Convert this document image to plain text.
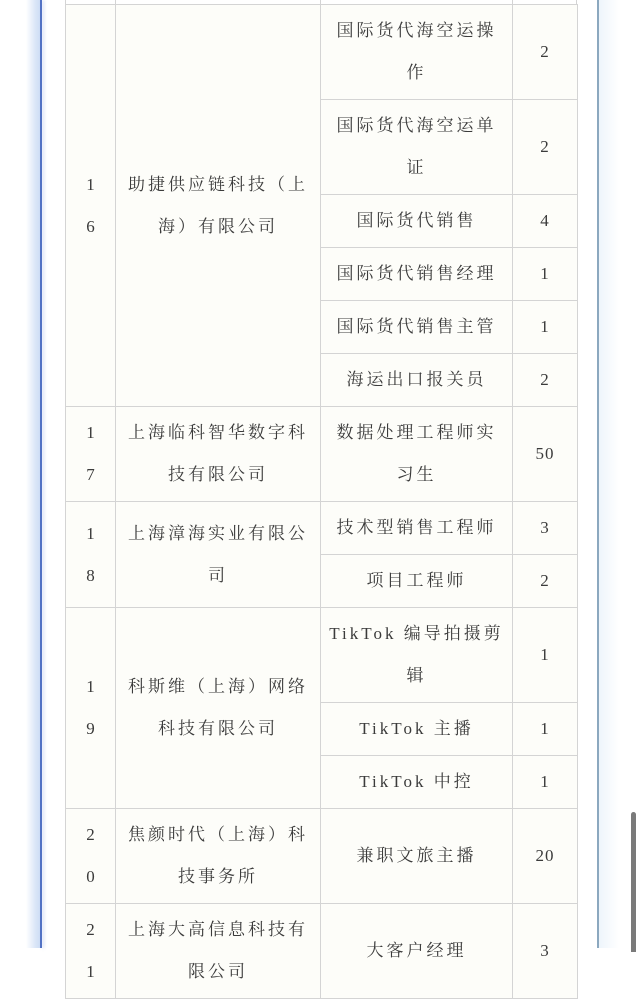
16	助捷供应链科技（上海）有限公司	国际货代海空运操作	2
		国际货代海空运单证	2
		国际货代销售	4
		国际货代销售经理	1
		国际货代销售主管	1
		海运出口报关员	2
17	上海临科智华数字科技有限公司	数据处理工程师实习生	50
18	上海漳海实业有限公司	技术型销售工程师	3
		项目工程师	2
19	科斯维（上海）网络科技有限公司	TikTok 编导拍摄剪辑	1
		TikTok 主播	1
		TikTok 中控	1
20	焦颜时代（上海）科技事务所	兼职文旅主播	20
21	上海大高信息科技有限公司	大客户经理	3
